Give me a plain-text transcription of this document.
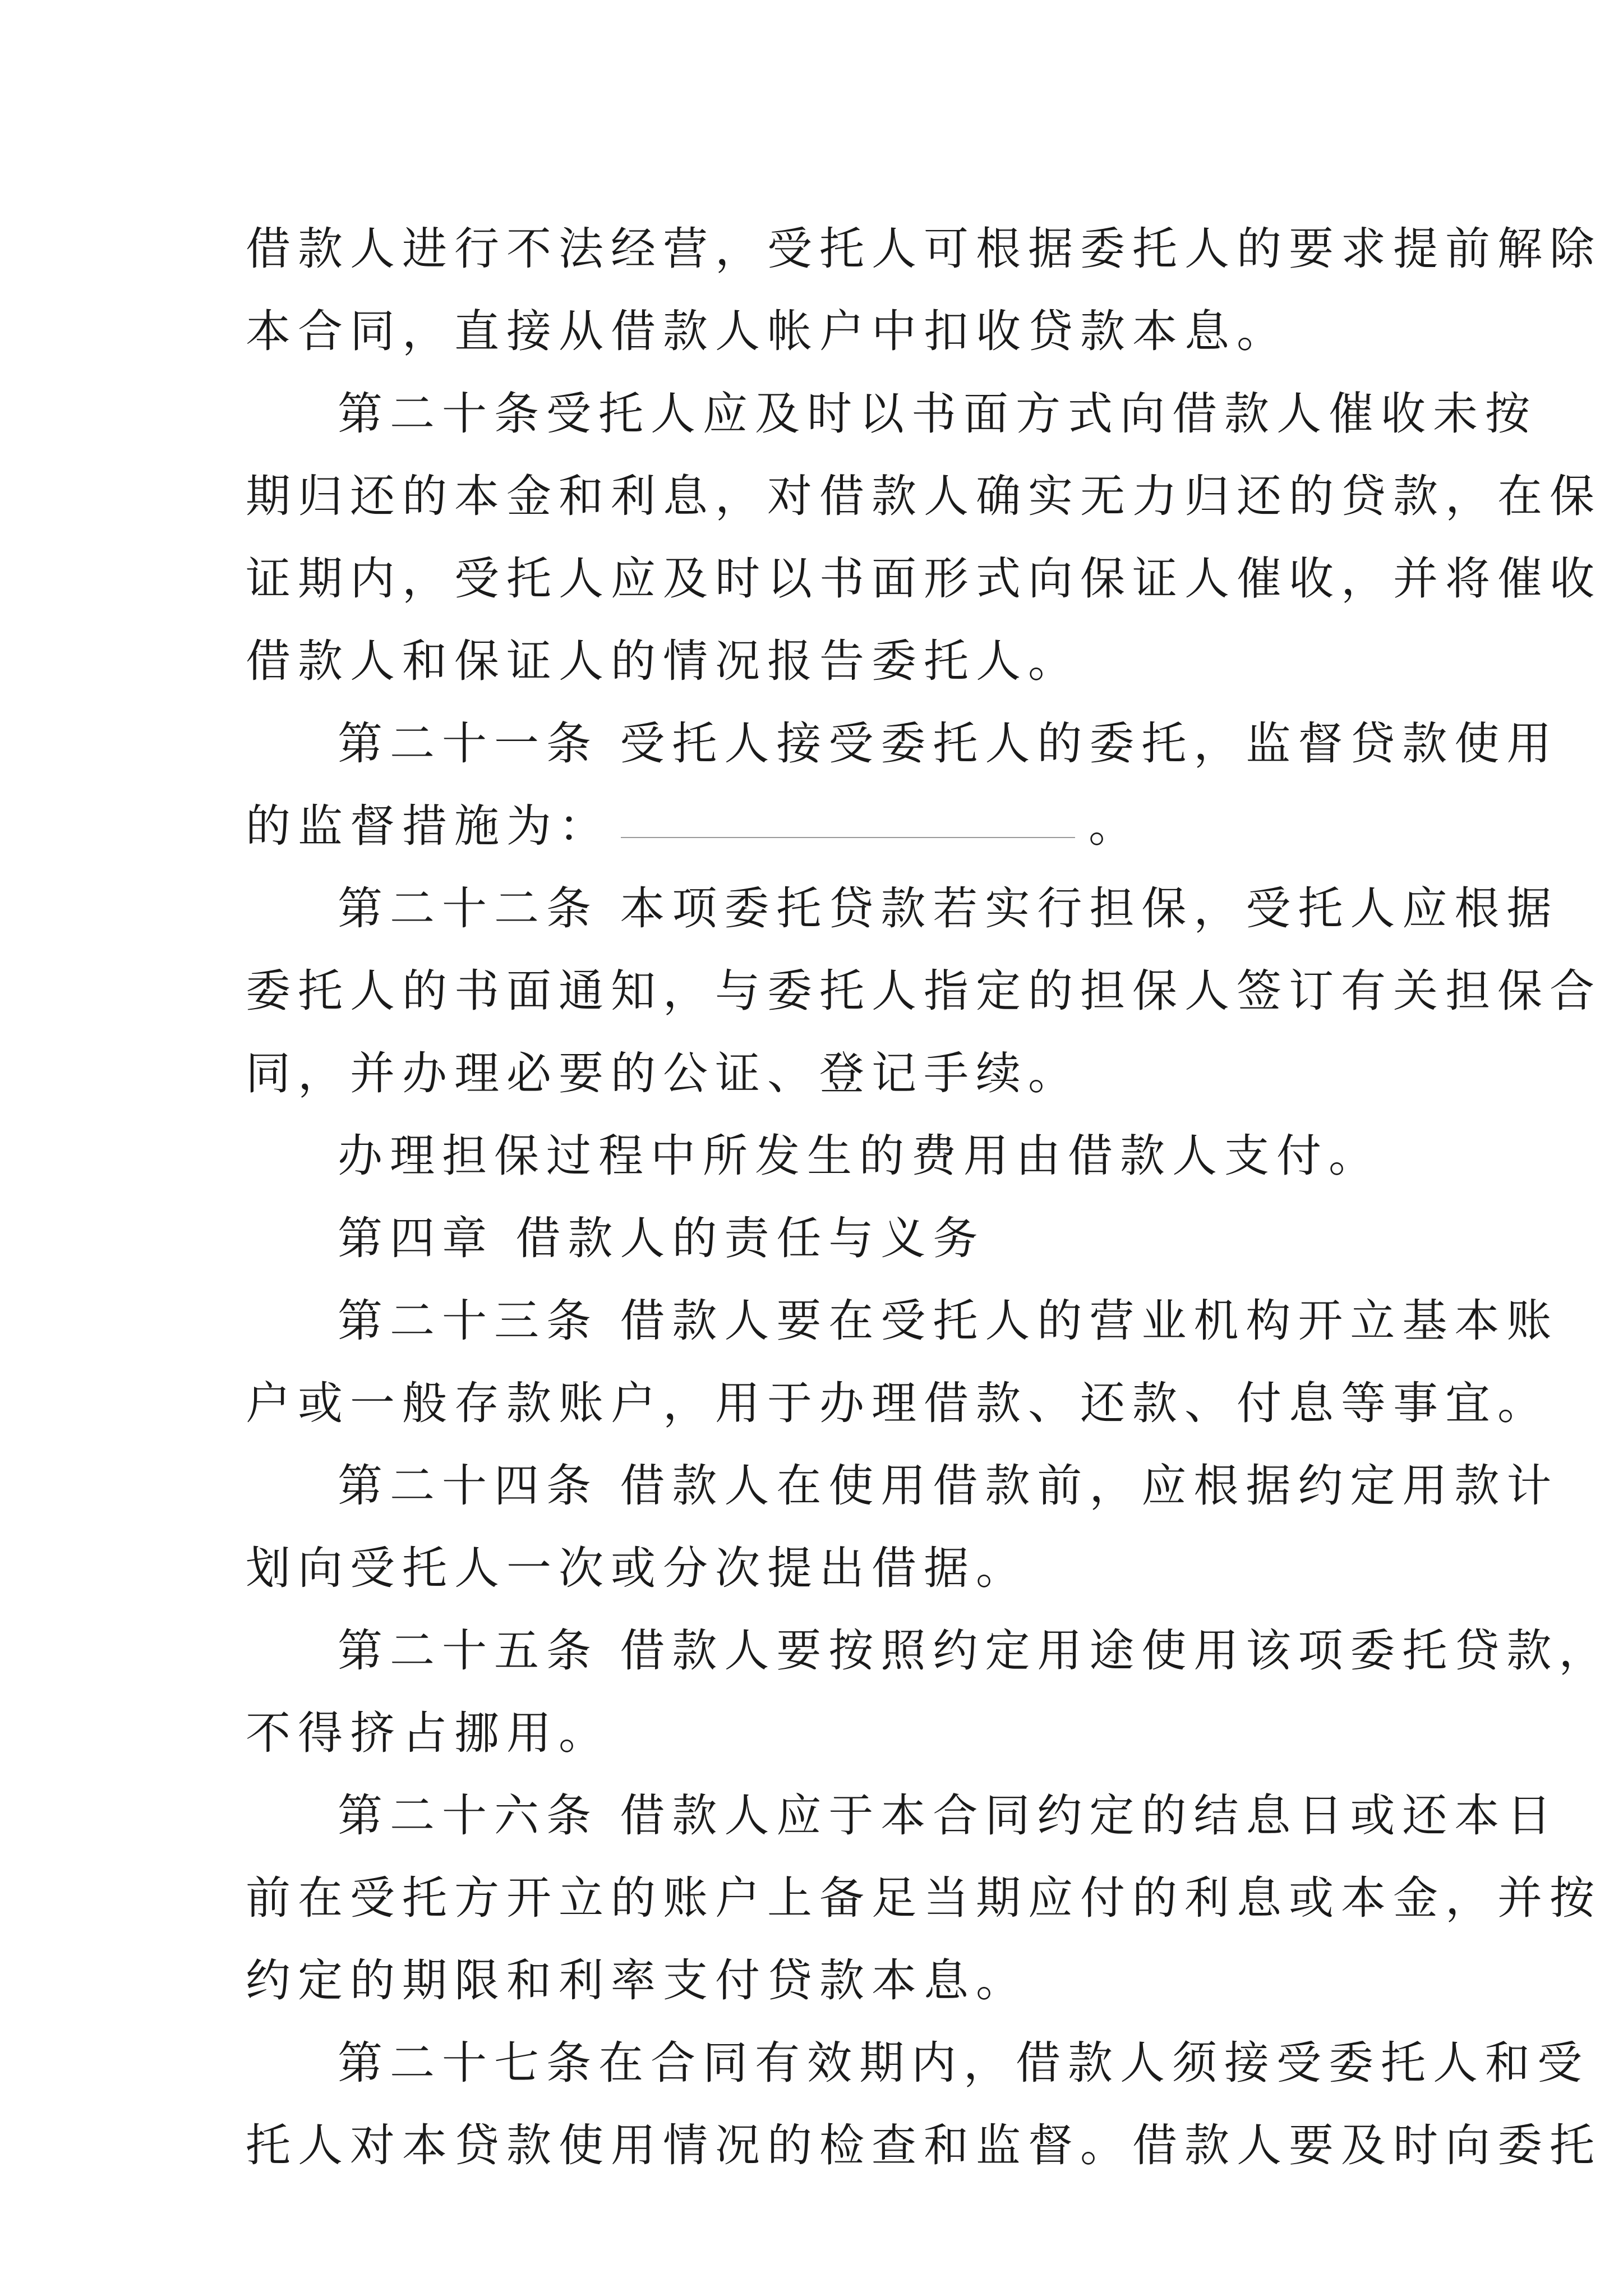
借款人进行不法经营，受托人可根据委托人的要求提前解除
本合同，直接从借款人帐户中扣收贷款本息。
第二十条受托人应及时以书面方式向借款人催收未按
期归还的本金和利息，对借款人确实无力归还的贷款，在保
证期内，受托人应及时以书面形式向保证人催收，并将催收
借款人和保证人的情况报告委托人。
第二十一条 受托人接受委托人的委托，监督贷款使用
的监督措施为：	。
第二十二条 本项委托贷款若实行担保，受托人应根据
委托人的书面通知，与委托人指定的担保人签订有关担保合
同，并办理必要的公证、登记手续。
办理担保过程中所发生的费用由借款人支付。
第四章 借款人的责任与义务
第二十三条 借款人要在受托人的营业机构开立基本账
户或一般存款账户，用于办理借款、还款、付息等事宜。
第二十四条 借款人在使用借款前，应根据约定用款计
划向受托人一次或分次提出借据。
第二十五条 借款人要按照约定用途使用该项委托贷款，
不得挤占挪用。
第二十六条 借款人应于本合同约定的结息日或还本日
前在受托方开立的账户上备足当期应付的利息或本金，并按
约定的期限和利率支付贷款本息。
第二十七条在合同有效期内，借款人须接受委托人和受
托人对本贷款使用情况的检查和监督。借款人要及时向委托
